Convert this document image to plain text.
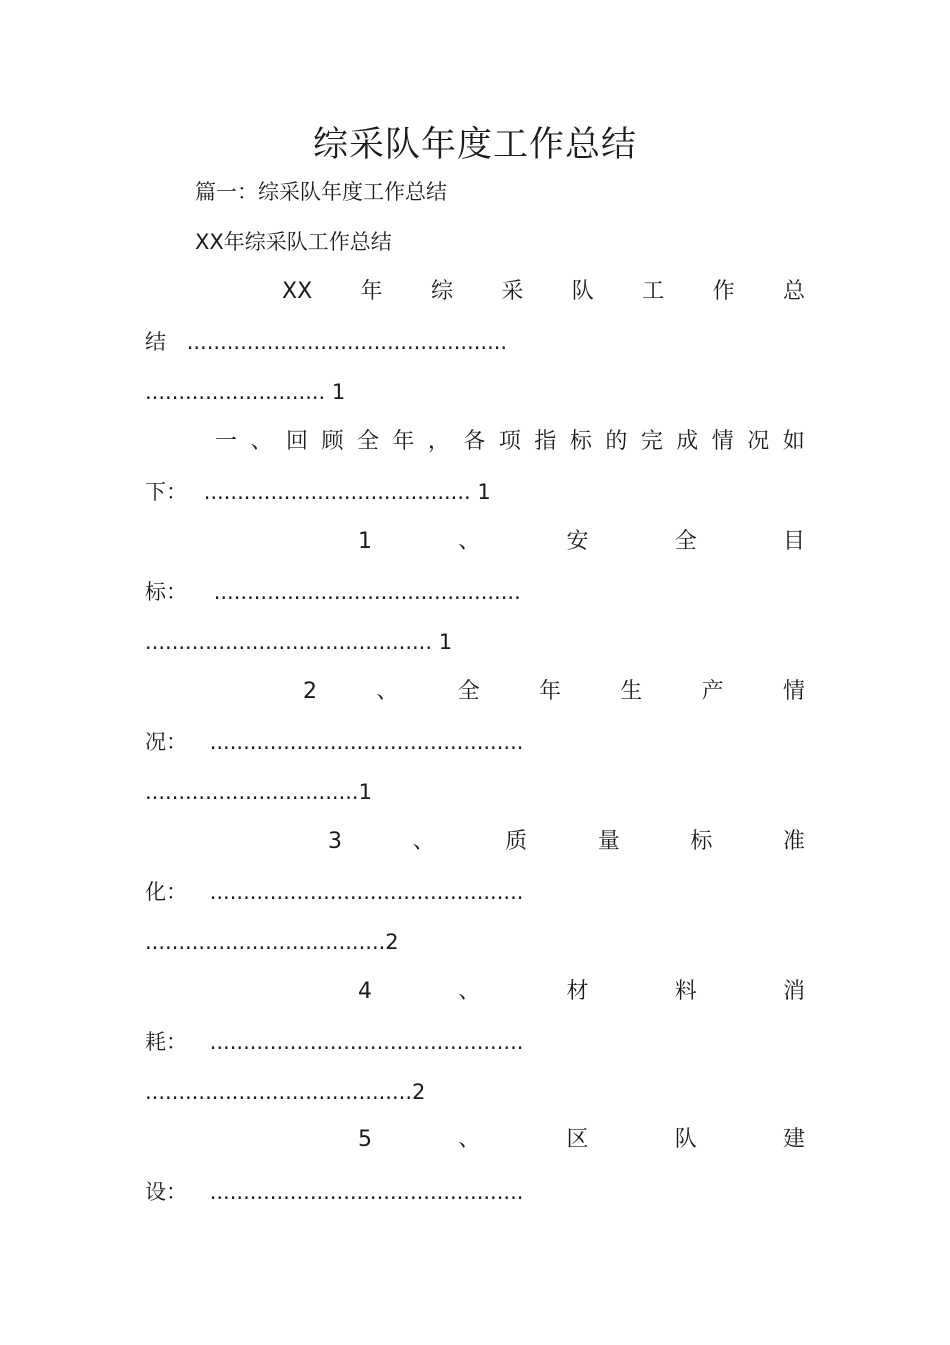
综采队年度工作总结
篇一：综采队年度工作总结
XX年综采队工作总结
XX 年 综 采 队 工 作 总
结 ................................................
........................... 1
一 、 回 顾 全 年 ， 各 项 指 标 的 完 成 情 况 如
下： ........................................ 1
1	、	安	全	目
标： ..............................................
........................................... 1
2	、	全	年	生	产	情
况： ...............................................
................................1
3	、	质	量	标	准
化： ...............................................
....................................2
4	、	材	料	消
耗： ...............................................
........................................2
5	、	区	队	建
设： ...............................................
